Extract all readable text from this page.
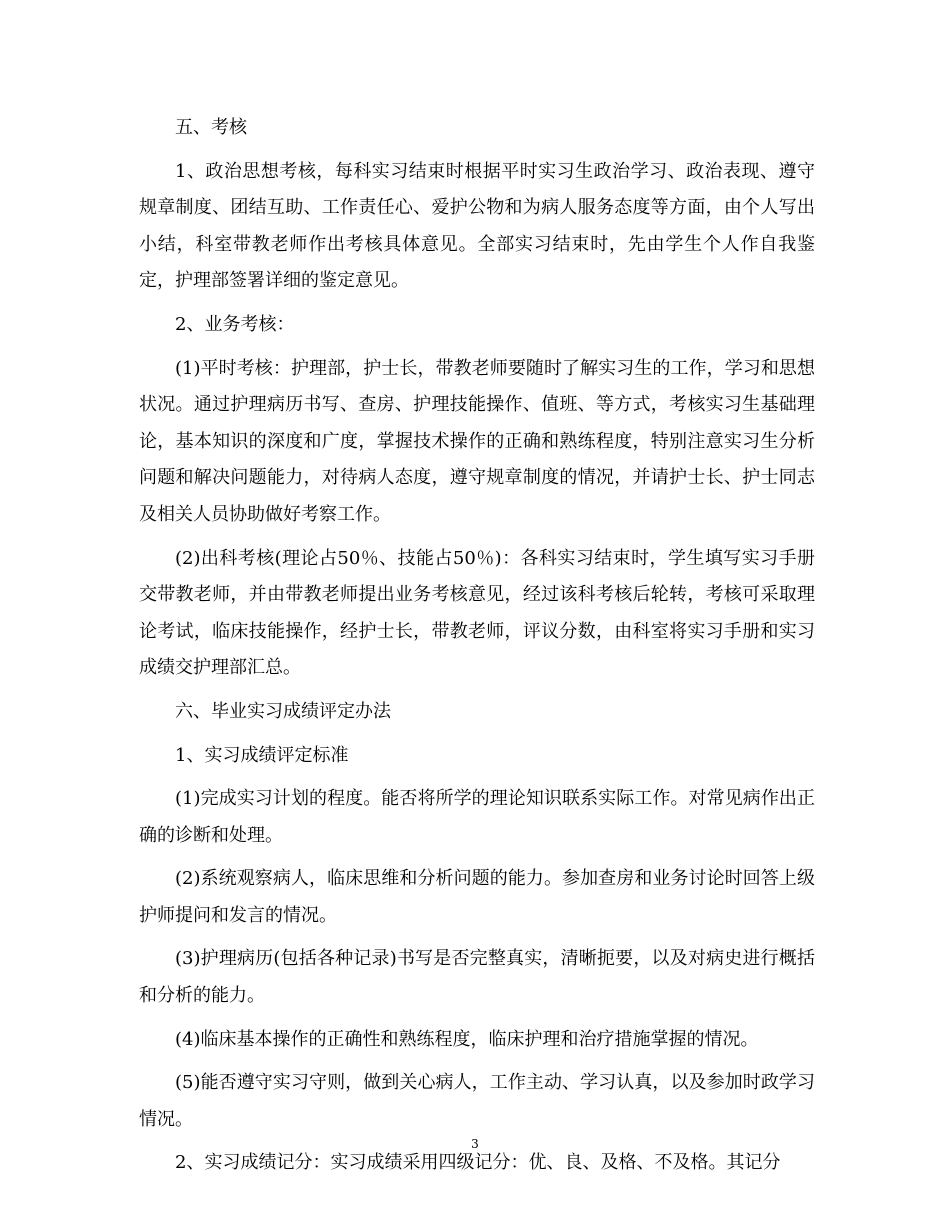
五、考核

1、政治思想考核，每科实习结束时根据平时实习生政治学习、政治表现、遵守规章制度、团结互助、工作责任心、爱护公物和为病人服务态度等方面，由个人写出小结，科室带教老师作出考核具体意见。全部实习结束时，先由学生个人作自我鉴定，护理部签署详细的鉴定意见。

2、业务考核：

(1)平时考核：护理部，护士长，带教老师要随时了解实习生的工作，学习和思想状况。通过护理病历书写、查房、护理技能操作、值班、等方式，考核实习生基础理论，基本知识的深度和广度，掌握技术操作的正确和熟练程度，特别注意实习生分析问题和解决问题能力，对待病人态度，遵守规章制度的情况，并请护士长、护士同志及相关人员协助做好考察工作。

(2)出科考核(理论占50％、技能占50％)：各科实习结束时，学生填写实习手册交带教老师，并由带教老师提出业务考核意见，经过该科考核后轮转，考核可采取理论考试，临床技能操作，经护士长，带教老师，评议分数，由科室将实习手册和实习成绩交护理部汇总。

六、毕业实习成绩评定办法

1、实习成绩评定标准

(1)完成实习计划的程度。能否将所学的理论知识联系实际工作。对常见病作出正确的诊断和处理。

(2)系统观察病人，临床思维和分析问题的能力。参加查房和业务讨论时回答上级护师提问和发言的情况。

(3)护理病历(包括各种记录)书写是否完整真实，清晰扼要，以及对病史进行概括和分析的能力。

(4)临床基本操作的正确性和熟练程度，临床护理和治疗措施掌握的情况。

(5)能否遵守实习守则，做到关心病人，工作主动、学习认真，以及参加时政学习情况。

2、实习成绩记分：实习成绩采用四级记分：优、良、及格、不及格。其记分

3
